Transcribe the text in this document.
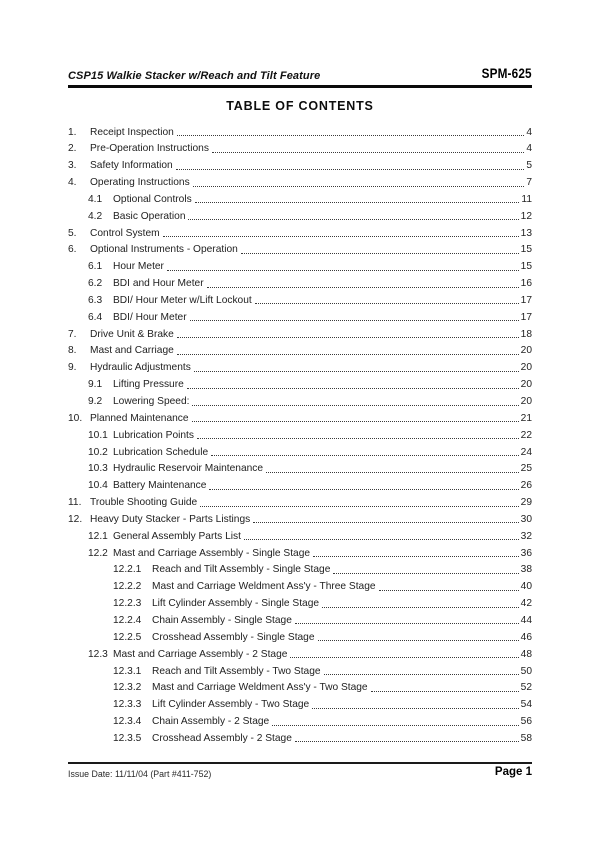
CSP15 Walkie Stacker w/Reach and Tilt Feature	SPM-625
TABLE OF CONTENTS
1.	Receipt Inspection	4
2.	Pre-Operation Instructions	4
3.	Safety Information	5
4.	Operating Instructions	7
4.1	Optional Controls	11
4.2	Basic Operation	12
5.	Control System	13
6.	Optional Instruments - Operation	15
6.1	Hour Meter	15
6.2	BDI and Hour Meter	16
6.3	BDI/ Hour Meter w/Lift Lockout	17
6.4	BDI/ Hour Meter	17
7.	Drive Unit & Brake	18
8.	Mast and Carriage	20
9.	Hydraulic Adjustments	20
9.1	Lifting Pressure	20
9.2	Lowering Speed:	20
10. Planned Maintenance	21
10.1 Lubrication Points	22
10.2 Lubrication Schedule	24
10.3 Hydraulic Reservoir Maintenance	25
10.4 Battery Maintenance	26
11. Trouble Shooting Guide	29
12. Heavy Duty Stacker - Parts Listings	30
12.1 General Assembly Parts List	32
12.2 Mast and Carriage Assembly - Single Stage	36
12.2.1	Reach and Tilt Assembly - Single Stage	38
12.2.2	Mast and Carriage Weldment Ass'y - Three Stage	40
12.2.3	Lift Cylinder Assembly - Single Stage	42
12.2.4	Chain Assembly - Single Stage	44
12.2.5	Crosshead Assembly - Single Stage	46
12.3 Mast and Carriage Assembly - 2 Stage	48
12.3.1	Reach and Tilt Assembly - Two Stage	50
12.3.2	Mast and Carriage Weldment Ass'y - Two Stage	52
12.3.3	Lift Cylinder Assembly - Two Stage	54
12.3.4	Chain Assembly - 2 Stage	56
12.3.5	Crosshead Assembly - 2 Stage	58
Issue Date: 11/11/04 (Part #411-752)	Page 1
